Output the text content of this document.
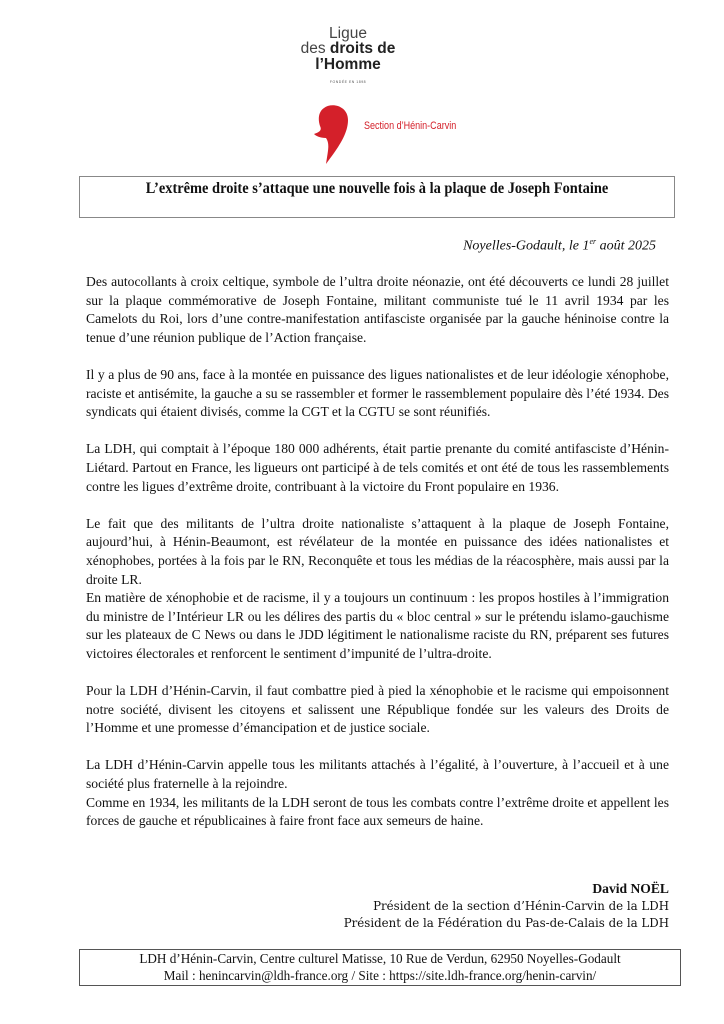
Ligue
des droits de
l’Homme
FONDÉE EN 1898
Section d’Hénin-Carvin
L’extrême droite s’attaque une nouvelle fois à la plaque de Joseph Fontaine
Noyelles-Godault, le 1er août 2025

Des autocollants à croix celtique, symbole de l’ultra droite néonazie, ont été découverts ce lundi 28 juillet sur la plaque commémorative de Joseph Fontaine, militant communiste tué le 11 avril 1934 par les Camelots du Roi, lors d’une contre-manifestation antifasciste organisée par la gauche héninoise contre la tenue d’une réunion publique de l’Action française.

Il y a plus de 90 ans, face à la montée en puissance des ligues nationalistes et de leur idéologie xénophobe, raciste et antisémite, la gauche a su se rassembler et former le rassemblement populaire dès l’été 1934. Des syndicats qui étaient divisés, comme la CGT et la CGTU se sont réunifiés.

La LDH, qui comptait à l’époque 180 000 adhérents, était partie prenante du comité antifasciste d’Hénin-Liétard. Partout en France, les ligueurs ont participé à de tels comités et ont été de tous les rassemblements contre les ligues d’extrême droite, contribuant à la victoire du Front populaire en 1936.

Le fait que des militants de l’ultra droite nationaliste s’attaquent à la plaque de Joseph Fontaine, aujourd’hui, à Hénin-Beaumont, est révélateur de la montée en puissance des idées nationalistes et xénophobes, portées à la fois par le RN, Reconquête et tous les médias de la réacosphère, mais aussi par la droite LR.

En matière de xénophobie et de racisme, il y a toujours un continuum : les propos hostiles à l’immigration du ministre de l’Intérieur LR ou les délires des partis du « bloc central » sur le prétendu islamo-gauchisme sur les plateaux de C News ou dans le JDD légitiment le nationalisme raciste du RN, préparent ses futures victoires électorales et renforcent le sentiment d’impunité de l’ultra-droite.

Pour la LDH d’Hénin-Carvin, il faut combattre pied à pied la xénophobie et le racisme qui empoisonnent notre société, divisent les citoyens et salissent une République fondée sur les valeurs des Droits de l’Homme et une promesse d’émancipation et de justice sociale.

La LDH d’Hénin-Carvin appelle tous les militants attachés à l’égalité, à l’ouverture, à l’accueil et à une société plus fraternelle à la rejoindre.

Comme en 1934, les militants de la LDH seront de tous les combats contre l’extrême droite et appellent les forces de gauche et républicaines à faire front face aux semeurs de haine.

David NOËL
Président de la section d’Hénin-Carvin de la LDH
Président de la Fédération du Pas-de-Calais de la LDH
LDH d’Hénin-Carvin, Centre culturel Matisse, 10 Rue de Verdun, 62950 Noyelles-Godault
Mail : henincarvin@ldh-france.org / Site : https://site.ldh-france.org/henin-carvin/
